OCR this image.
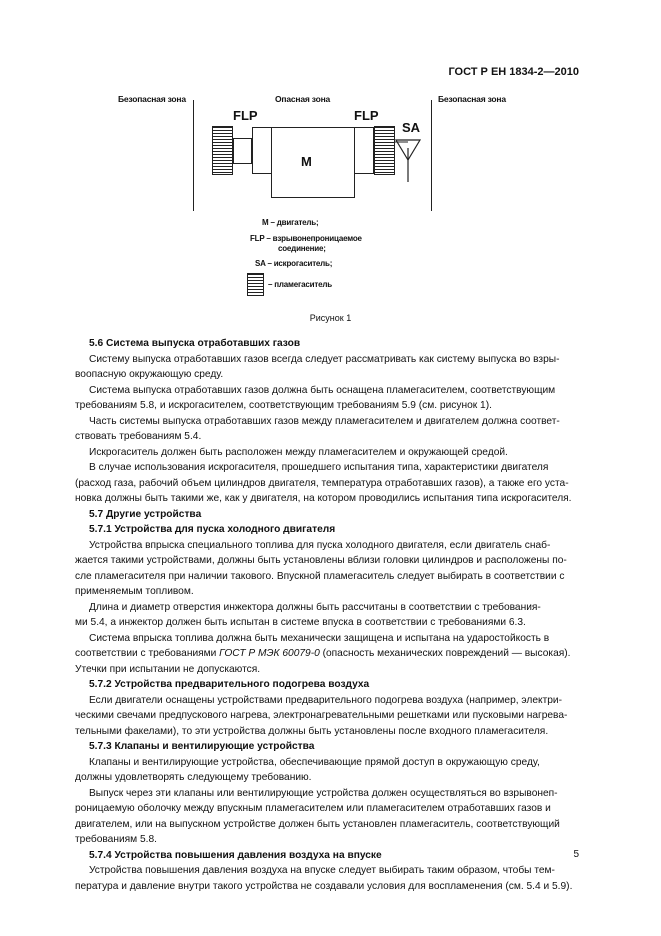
ГОСТ Р ЕН 1834-2—2010
Безопасная зона	Опасная зона	Безопасная зона
FLP	FLP
SA
M
M – двигатель;
FLP – взрывонепроницаемое
соединение;
SA – искрогаситель;
– пламегаситель
Рисунок 1

5.6 Система выпуска отработавших газов

Систему выпуска отработавших газов всегда следует рассматривать как систему выпуска во взры-

воопасную окружающую среду.

Система выпуска отработавших газов должна быть оснащена пламегасителем, соответствующим

требованиям 5.8, и искрогасителем, соответствующим требованиям 5.9 (см. рисунок 1).

Часть системы выпуска отработавших газов между пламегасителем и двигателем должна соответ-

ствовать требованиям 5.4.

Искрогаситель должен быть расположен между пламегасителем и окружающей средой.

В случае использования искрогасителя, прошедшего испытания типа, характеристики двигателя

(расход газа, рабочий объем цилиндров двигателя, температура отработавших газов), а также его уста-

новка должны быть такими же, как у двигателя, на котором проводились испытания типа искрогасителя.

5.7 Другие устройства

5.7.1 Устройства для пуска холодного двигателя

Устройства впрыска специального топлива для пуска холодного двигателя, если двигатель снаб-

жается такими устройствами, должны быть установлены вблизи головки цилиндров и расположены по-

сле пламегасителя при наличии такового. Впускной пламегаситель следует выбирать в соответствии с

применяемым топливом.

Длина и диаметр отверстия инжектора должны быть рассчитаны в соответствии с требования-

ми 5.4, а инжектор должен быть испытан в системе впуска в соответствии с требованиями 6.3.

Система впрыска топлива должна быть механически защищена и испытана на ударостойкость в

соответствии с требованиями ГОСТ Р МЭК 60079-0 (опасность механических повреждений — высокая).

Утечки при испытании не допускаются.

5.7.2 Устройства предварительного подогрева воздуха

Если двигатели оснащены устройствами предварительного подогрева воздуха (например, электри-

ческими свечами предпускового нагрева, электронагревательными решетками или пусковыми нагрева-

тельными факелами), то эти устройства должны быть установлены после входного пламегасителя.

5.7.3 Клапаны и вентилирующие устройства

Клапаны и вентилирующие устройства, обеспечивающие прямой доступ в окружающую среду,

должны удовлетворять следующему требованию.

Выпуск через эти клапаны или вентилирующие устройства должен осуществляться во взрывонеп-

роницаемую оболочку между впускным пламегасителем или пламегасителем отработавших газов и

двигателем, или на выпускном устройстве должен быть установлен пламегаситель, соответствующий

требованиям 5.8.

5.7.4 Устройства повышения давления воздуха на впуске

Устройства повышения давления воздуха на впуске следует выбирать таким образом, чтобы тем-

пература и давление внутри такого устройства не создавали условия для воспламенения (см. 5.4 и 5.9).

5
